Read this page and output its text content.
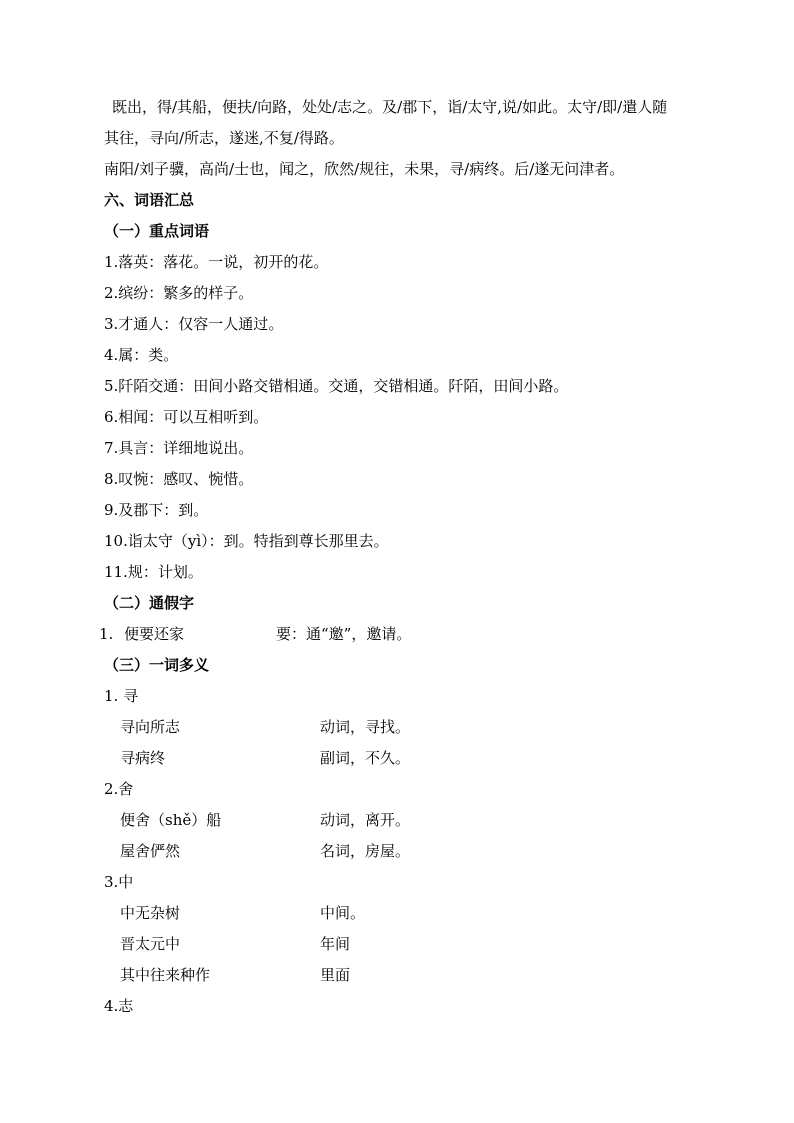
既出，得/其船，便扶/向路，处处/志之。及/郡下，诣/太守,说/如此。太守/即/遣人随
其往，寻向/所志，遂迷,不复/得路。
南阳/刘子骥，高尚/士也，闻之，欣然/规往，未果，寻/病终。后/遂无问津者。
六、词语汇总
（一）重点词语
1.落英：落花。一说，初开的花。
2.缤纷：繁多的样子。
3.才通人：仅容一人通过。
4.属：类。
5.阡陌交通：田间小路交错相通。交通，交错相通。阡陌，田间小路。
6.相闻：可以互相听到。
7.具言：详细地说出。
8.叹惋：感叹、惋惜。
9.及郡下：到。
10.诣太守（yì）：到。特指到尊长那里去。
11.规：计划。
（二）通假字
1. 便要还家	要：通“邀”，邀请。
（三）一词多义
1. 寻
寻向所志	动词，寻找。
寻病终	副词，不久。
2.舍
便舍（shě）船	动词，离开。
屋舍俨然	名词，房屋。
3.中
中无杂树	中间。
晋太元中	年间
其中往来种作	里面
4.志
